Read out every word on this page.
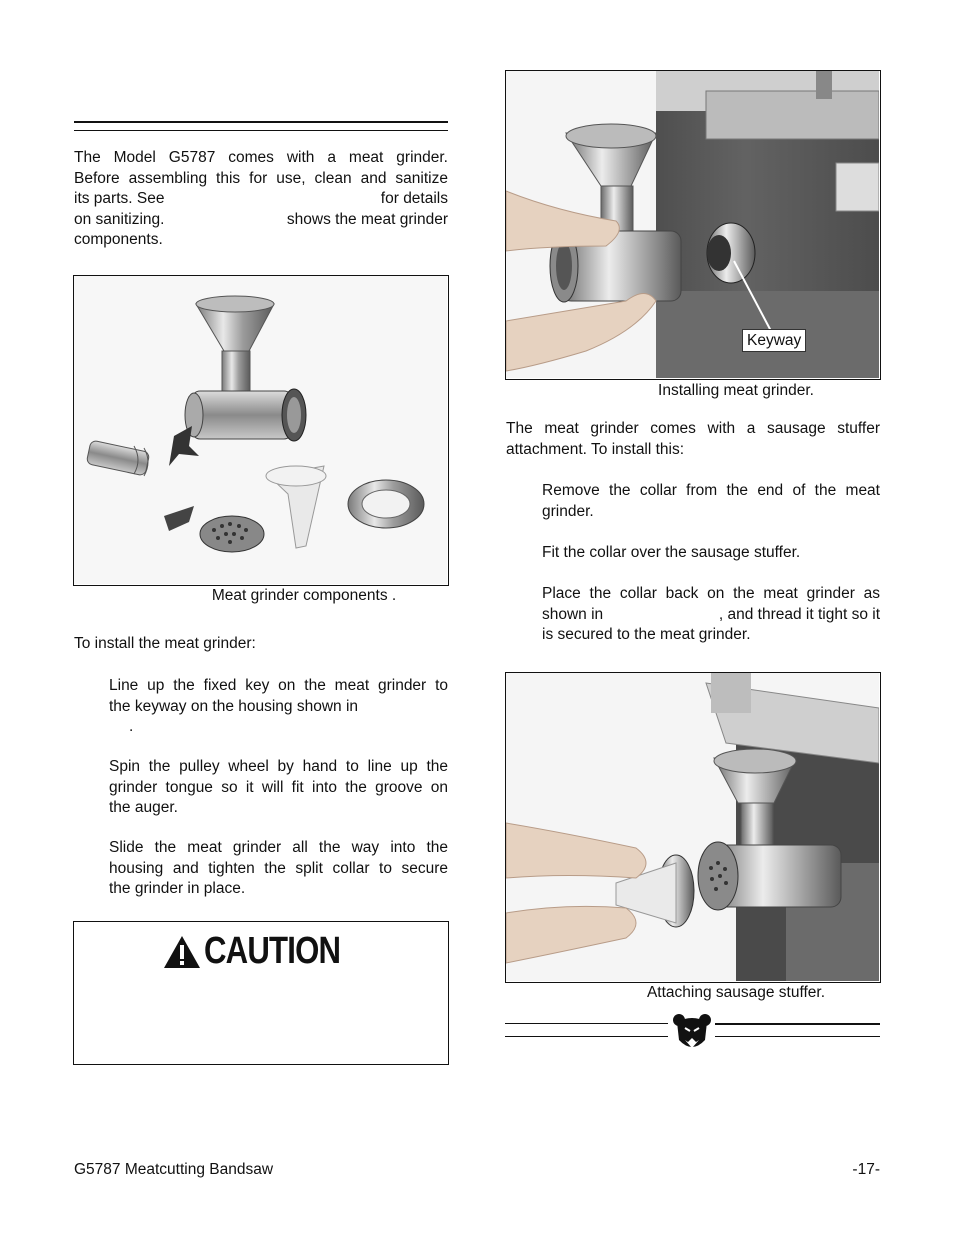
The Model G5787 comes with a meat grinder.
Before assembling this for use, clean and sanitize
its parts. See	for details
on sanitizing.	shows the meat grinder
components.
Meat grinder components .
To install the meat grinder:
Line up the fixed key on the meat grinder to
the keyway on the housing shown in
.
Spin the pulley wheel by hand to line up the
grinder tongue so it will fit into the groove on
the auger.
Slide the meat grinder all the way into the
housing and tighten the split collar to secure
the grinder in place.
CAUTION
Keyway
Installing meat grinder.
The meat grinder comes with a sausage stuffer
attachment. To install this:
Remove the collar from the end of the meat
grinder.
Fit the collar over the sausage stuffer.
Place the collar back on the meat grinder as
shown in	, and thread it tight so it
is secured to the meat grinder.
Attaching sausage stuffer.
G5787 Meatcutting Bandsaw	-17-
